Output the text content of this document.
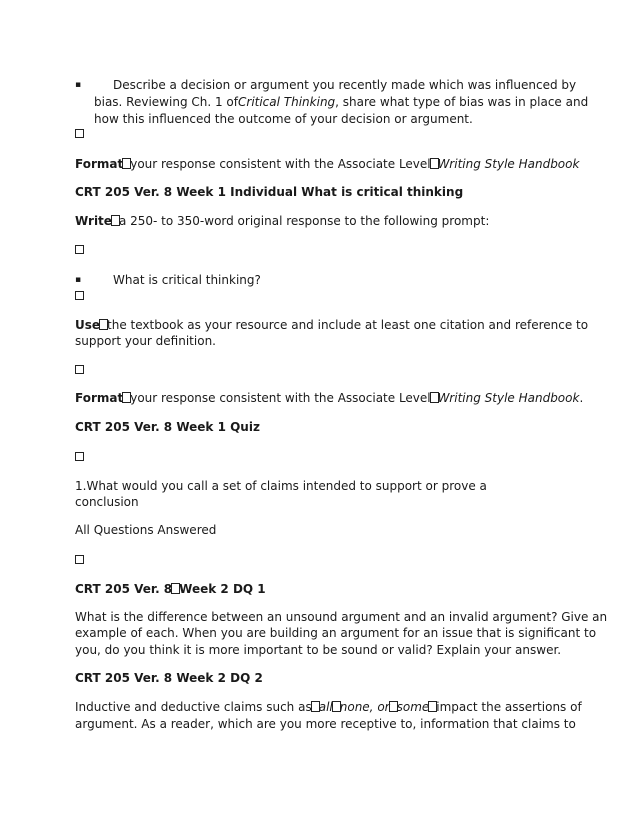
▪	Describe a decision or argument you recently made which was influenced by
bias. Reviewing Ch. 1 ofCritical Thinking, share what type of bias was in place and
how this influenced the outcome of your decision or argument.
Format your response consistent with the Associate Level Writing Style Handbook
CRT 205 Ver. 8 Week 1 Individual What is critical thinking
Write a 250- to 350-word original response to the following prompt:
▪	What is critical thinking?
Use the textbook as your resource and include at least one citation and reference to
support your definition.
Format your response consistent with the Associate Level Writing Style Handbook.
CRT 205 Ver. 8 Week 1 Quiz
1.What would you call a set of claims intended to support or prove a
conclusion
All Questions Answered
CRT 205 Ver. 8 Week 2 DQ 1
What is the difference between an unsound argument and an invalid argument? Give an
example of each. When you are building an argument for an issue that is significant to
you, do you think it is more important to be sound or valid? Explain your answer.
CRT 205 Ver. 8 Week 2 DQ 2
Inductive and deductive claims such as all none, or some impact the assertions of
argument. As a reader, which are you more receptive to, information that claims to
